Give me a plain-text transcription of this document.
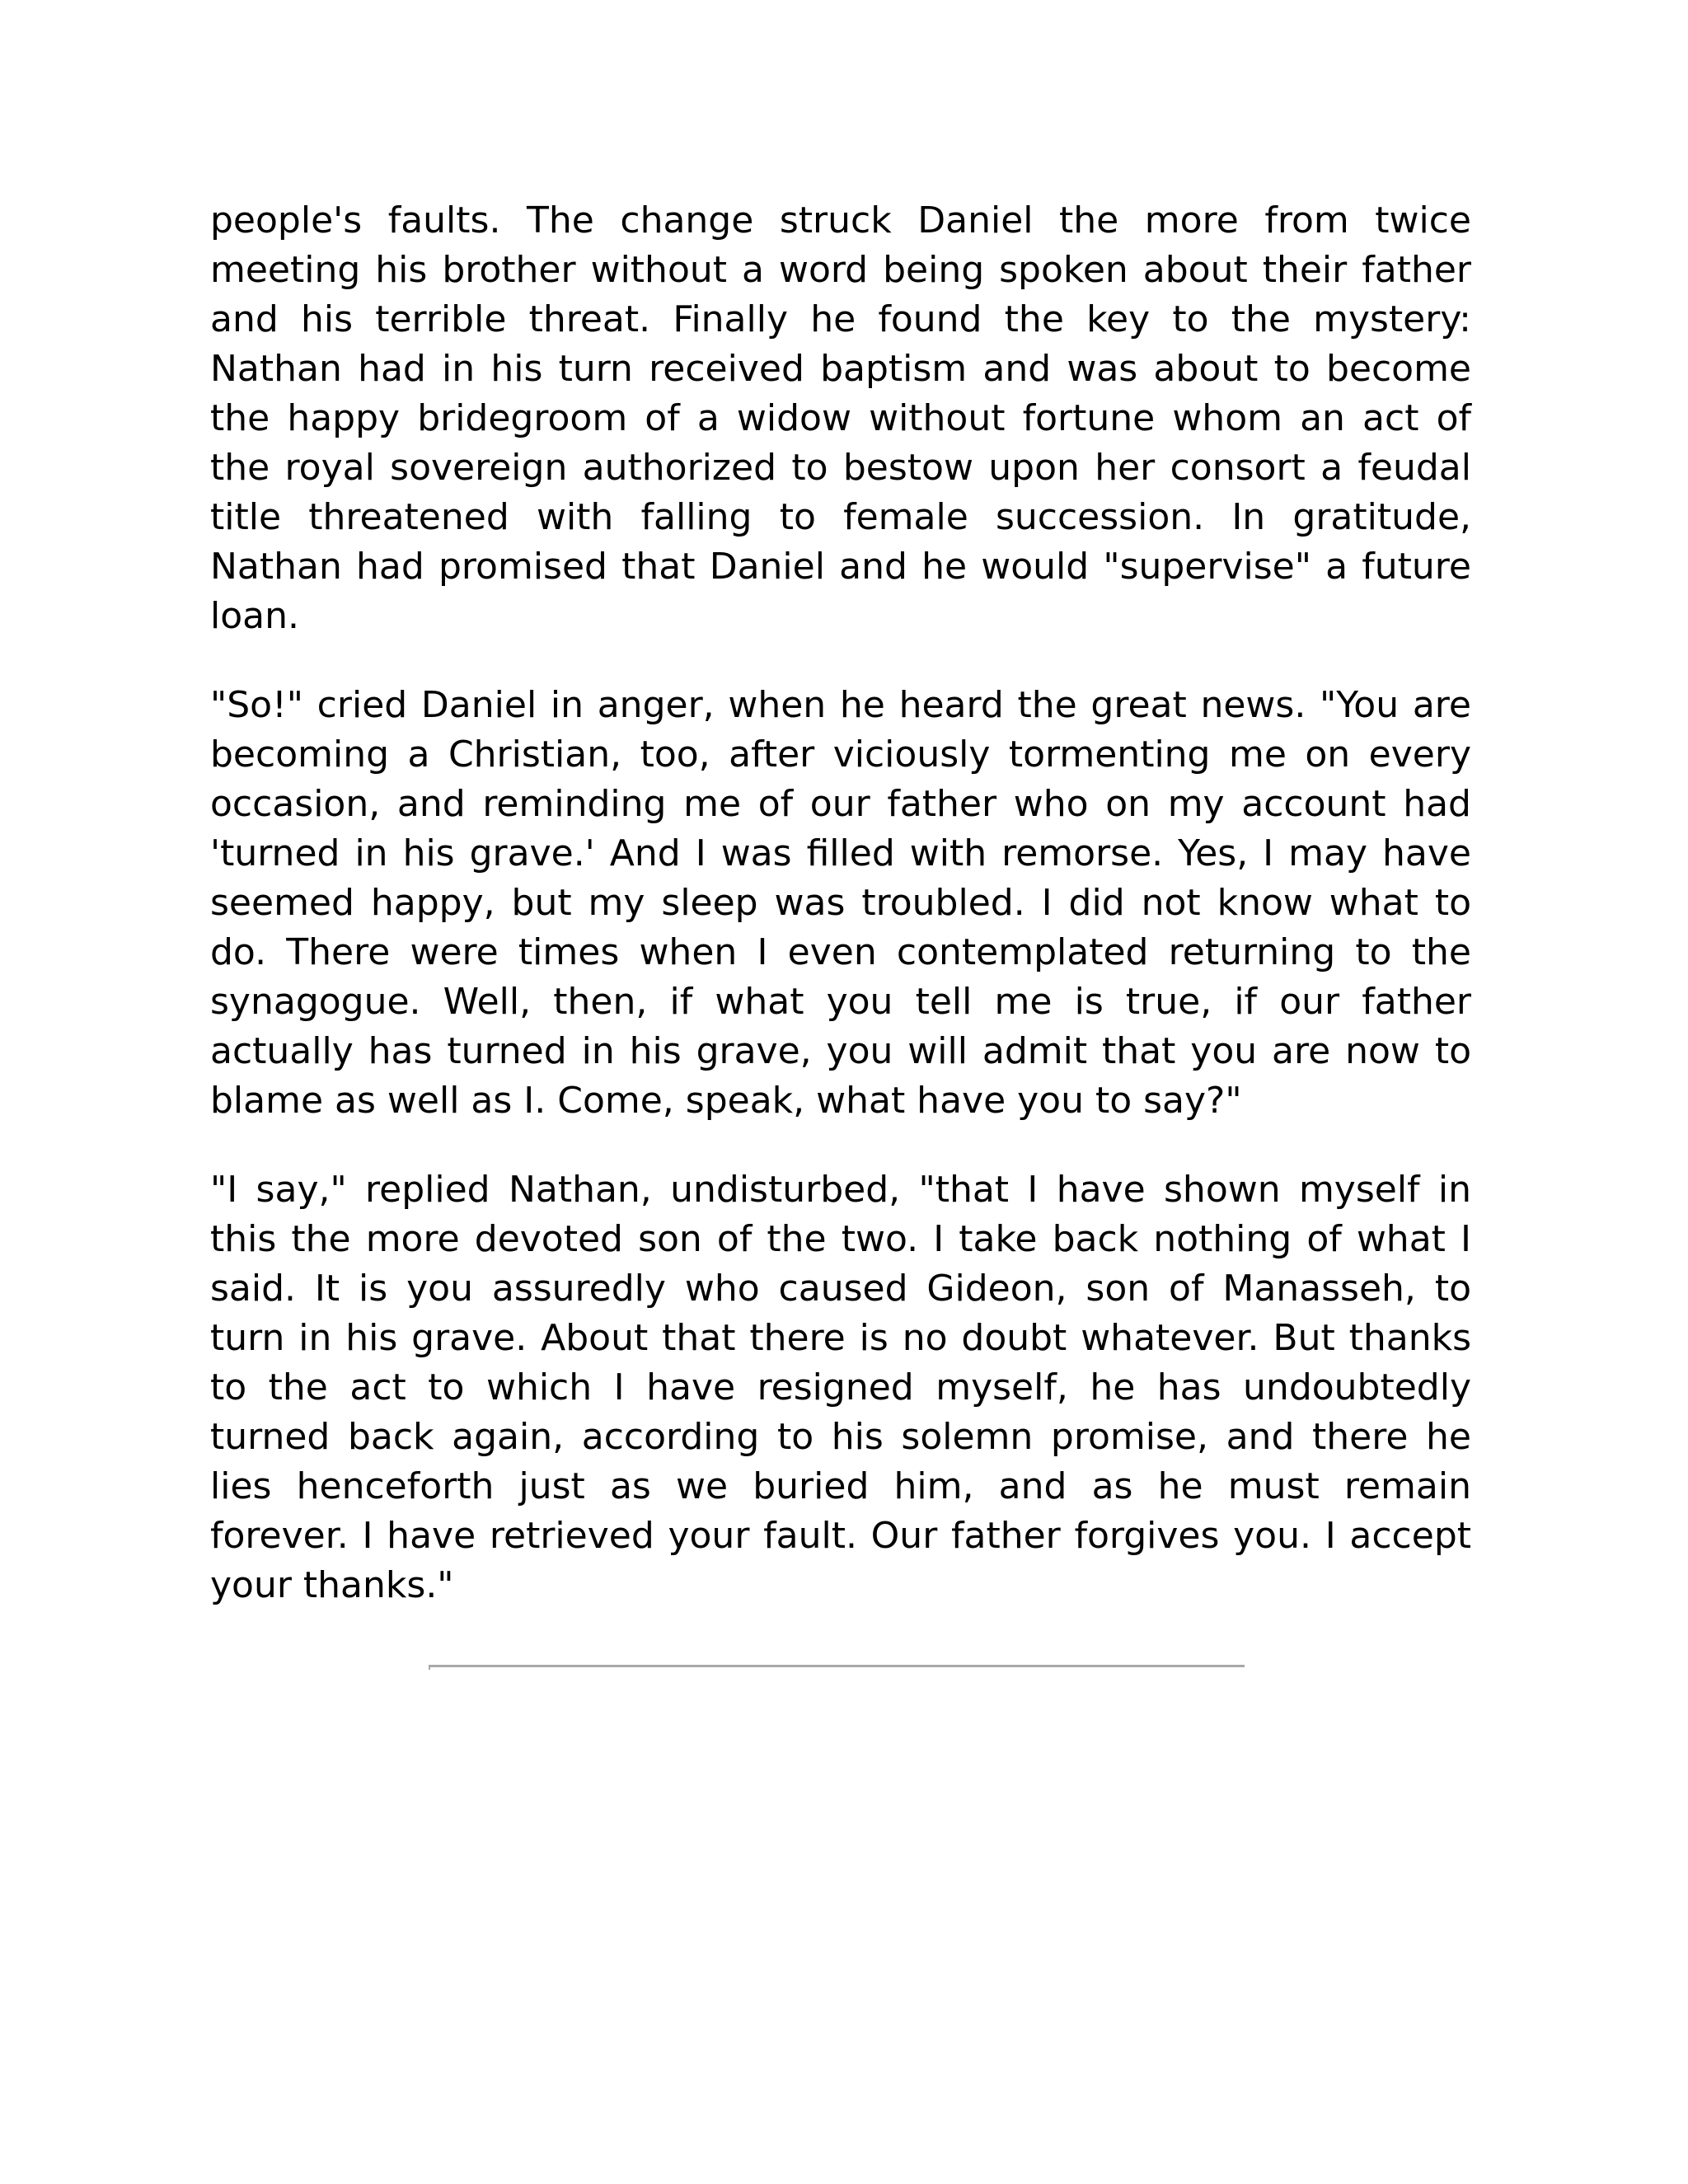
people's faults. The change struck Daniel the more from twice meeting his brother without a word being spoken about their father and his terrible threat. Finally he found the key to the mystery: Nathan had in his turn received baptism and was about to become the happy bridegroom of a widow without fortune whom an act of the royal sovereign authorized to bestow upon her consort a feudal title threatened with falling to female succession. In gratitude, Nathan had promised that Daniel and he would "supervise" a future loan.

"So!" cried Daniel in anger, when he heard the great news. "You are becoming a Christian, too, after viciously tormenting me on every occasion, and reminding me of our father who on my account had 'turned in his grave.' And I was filled with remorse. Yes, I may have seemed happy, but my sleep was troubled. I did not know what to do. There were times when I even contemplated returning to the synagogue. Well, then, if what you tell me is true, if our father actually has turned in his grave, you will admit that you are now to blame as well as I. Come, speak, what have you to say?"

"I say," replied Nathan, undisturbed, "that I have shown myself in this the more devoted son of the two. I take back nothing of what I said. It is you assuredly who caused Gideon, son of Manasseh, to turn in his grave. About that there is no doubt whatever. But thanks to the act to which I have resigned myself, he has undoubtedly turned back again, according to his solemn promise, and there he lies henceforth just as we buried him, and as he must remain forever. I have retrieved your fault. Our father forgives you. I accept your thanks."
